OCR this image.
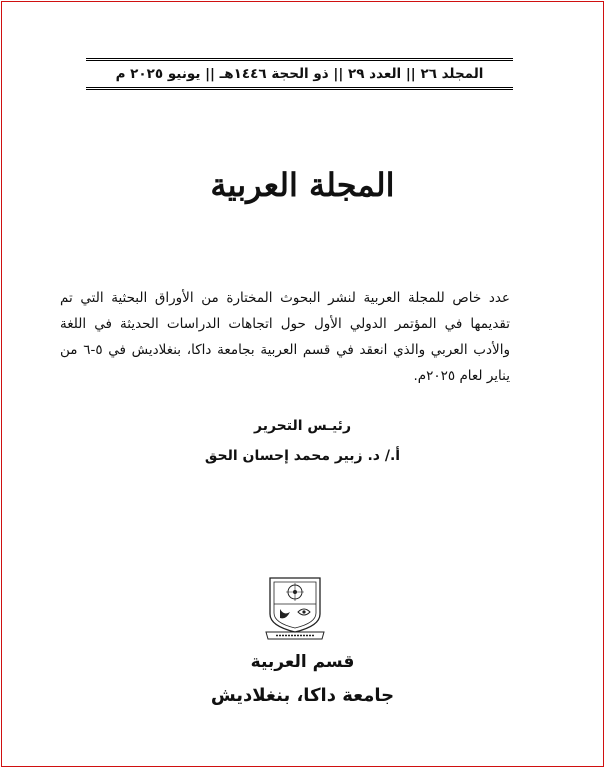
المجلد ٢٦ || العدد ٢٩ || ذو الحجة ١٤٤٦هـ || يونيو ٢٠٢٥ م
المجلة العربية
عدد خاص للمجلة العربية لنشر البحوث المختارة من الأوراق البحثية التي تم تقديمها في المؤتمر الدولي الأول حول اتجاهات الدراسات الحديثة في اللغة والأدب العربي والذي انعقد في قسم العربية بجامعة داكا، بنغلاديش في ٥-٦ من يناير لعام ٢٠٢٥م.
رئيـس التحرير
أ./ د. زبير محمد إحسان الحق
قسم العربية
جامعة داكا، بنغلاديش
